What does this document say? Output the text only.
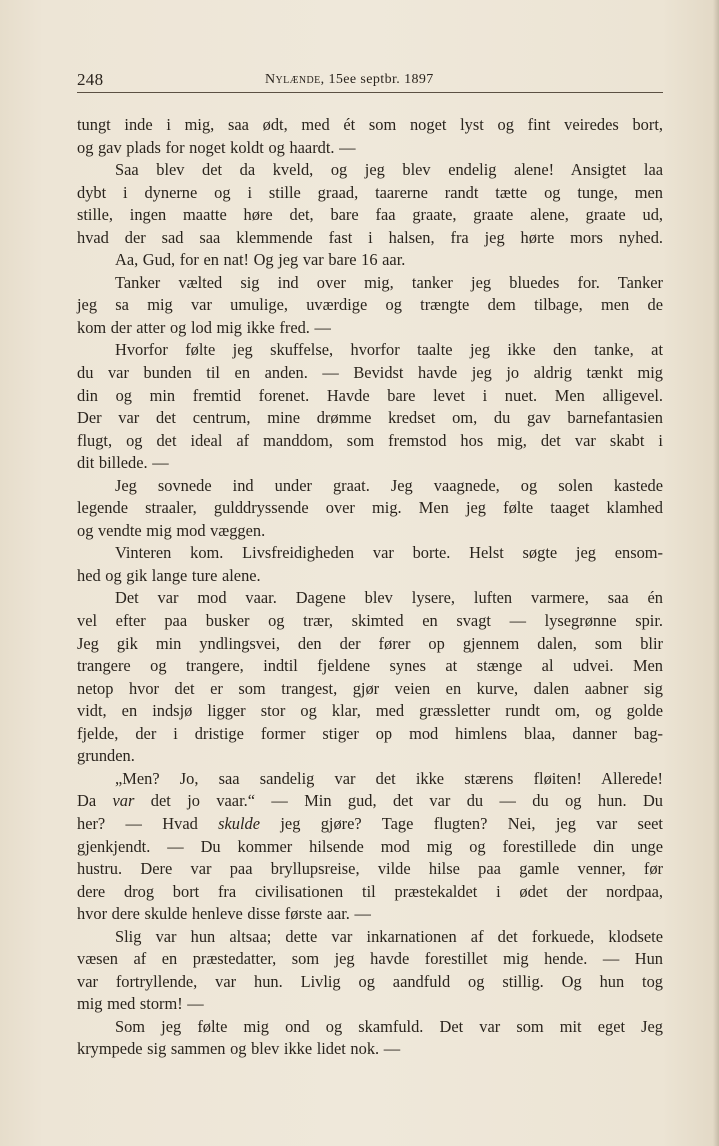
248	Nylænde, 15ee septbr. 1897
tungt inde i mig, saa ødt, med ét som noget lyst og fint veiredes bort,
og gav plads for noget koldt og haardt. —
Saa blev det da kveld, og jeg blev endelig alene! Ansigtet laa
dybt i dynerne og i stille graad, taarerne randt tætte og tunge, men
stille, ingen maatte høre det, bare faa graate, graate alene, graate ud,
hvad der sad saa klemmende fast i halsen, fra jeg hørte mors nyhed.
Aa, Gud, for en nat! Og jeg var bare 16 aar.
Tanker vælted sig ind over mig, tanker jeg bluedes for. Tanker
jeg sa mig var umulige, uværdige og trængte dem tilbage, men de
kom der atter og lod mig ikke fred. —
Hvorfor følte jeg skuffelse, hvorfor taalte jeg ikke den tanke, at
du var bunden til en anden. — Bevidst havde jeg jo aldrig tænkt mig
din og min fremtid forenet. Havde bare levet i nuet. Men alligevel.
Der var det centrum, mine drømme kredset om, du gav barnefantasien
flugt, og det ideal af manddom, som fremstod hos mig, det var skabt i
dit billede. —
Jeg sovnede ind under graat. Jeg vaagnede, og solen kastede
legende straaler, gulddryssende over mig. Men jeg følte taaget klamhed
og vendte mig mod væggen.
Vinteren kom. Livsfreidigheden var borte. Helst søgte jeg ensom-
hed og gik lange ture alene.
Det var mod vaar. Dagene blev lysere, luften varmere, saa én
vel efter paa busker og trær, skimted en svagt — lysegrønne spir.
Jeg gik min yndlingsvei, den der fører op gjennem dalen, som blir
trangere og trangere, indtil fjeldene synes at stænge al udvei. Men
netop hvor det er som trangest, gjør veien en kurve, dalen aabner sig
vidt, en indsjø ligger stor og klar, med græssletter rundt om, og golde
fjelde, der i dristige former stiger op mod himlens blaa, danner bag-
grunden.
„Men? Jo, saa sandelig var det ikke stærens fløiten! Allerede!
Da var det jo vaar.“ — Min gud, det var du — du og hun. Du
her? — Hvad skulde jeg gjøre? Tage flugten? Nei, jeg var seet
gjenkjendt. — Du kommer hilsende mod mig og forestillede din unge
hustru. Dere var paa bryllupsreise, vilde hilse paa gamle venner, før
dere drog bort fra civilisationen til præstekaldet i ødet der nordpaa,
hvor dere skulde henleve disse første aar. —
Slig var hun altsaa; dette var inkarnationen af det forkuede, klodsete
væsen af en præstedatter, som jeg havde forestillet mig hende. — Hun
var fortryllende, var hun. Livlig og aandfuld og stillig. Og hun tog
mig med storm! —
Som jeg følte mig ond og skamfuld. Det var som mit eget Jeg
krympede sig sammen og blev ikke lidet nok. —
